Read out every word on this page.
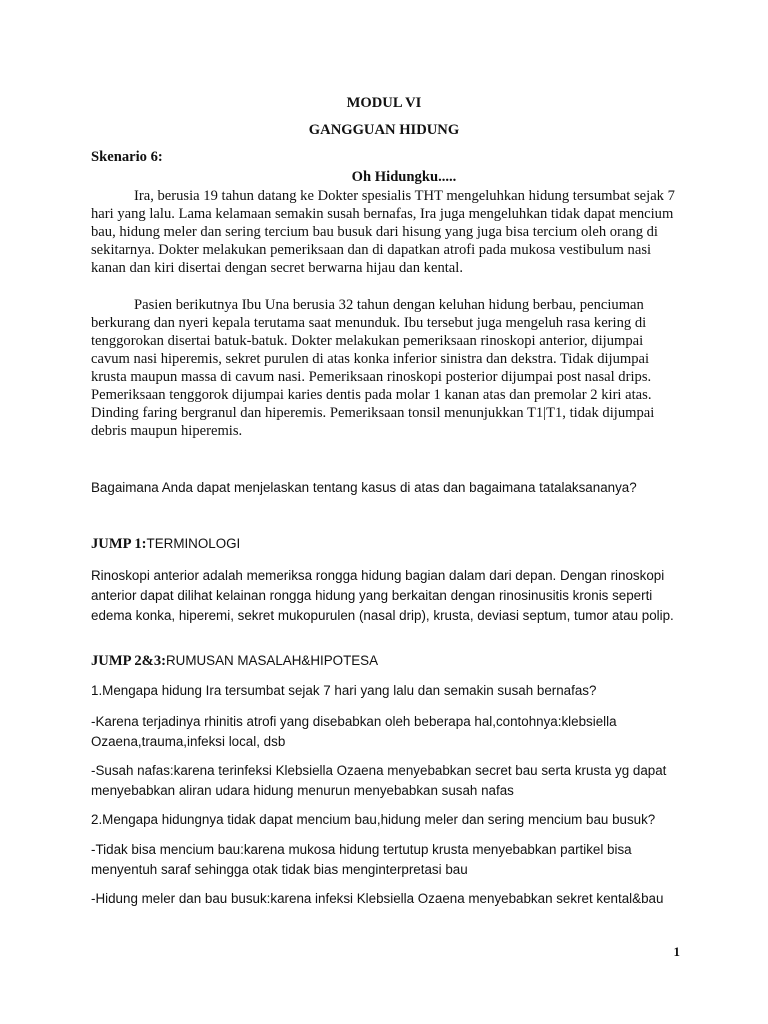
MODUL VI

GANGGUAN HIDUNG

Skenario 6:

Oh Hidungku.....

Ira, berusia 19 tahun datang ke Dokter spesialis THT mengeluhkan hidung tersumbat sejak 7 hari yang lalu. Lama kelamaan semakin susah bernafas, Ira juga mengeluhkan tidak dapat mencium bau, hidung meler dan sering tercium bau busuk dari hisung yang juga bisa tercium oleh orang di sekitarnya. Dokter melakukan pemeriksaan dan di dapatkan atrofi pada mukosa vestibulum nasi kanan dan kiri disertai dengan secret berwarna hijau dan kental.

Pasien berikutnya Ibu Una berusia 32 tahun dengan keluhan hidung berbau, penciuman berkurang dan nyeri kepala terutama saat menunduk. Ibu tersebut juga mengeluh rasa kering di tenggorokan disertai batuk-batuk. Dokter melakukan pemeriksaan rinoskopi anterior, dijumpai cavum nasi hiperemis, sekret purulen di atas konka inferior sinistra dan dekstra. Tidak dijumpai krusta maupun massa di cavum nasi. Pemeriksaan rinoskopi posterior dijumpai post nasal drips. Pemeriksaan tenggorok dijumpai karies dentis pada molar 1 kanan atas dan premolar 2 kiri atas. Dinding faring bergranul dan hiperemis. Pemeriksaan tonsil menunjukkan T1|T1, tidak dijumpai debris maupun hiperemis.

Bagaimana Anda dapat menjelaskan tentang kasus di atas dan bagaimana tatalaksananya?

JUMP 1:TERMINOLOGI

Rinoskopi anterior adalah memeriksa rongga hidung bagian dalam dari depan. Dengan rinoskopi anterior dapat dilihat kelainan rongga hidung yang berkaitan dengan rinosinusitis kronis seperti edema konka, hiperemi, sekret mukopurulen (nasal drip), krusta, deviasi septum, tumor atau polip.

JUMP 2&3:RUMUSAN MASALAH&HIPOTESA

1.Mengapa hidung Ira tersumbat sejak 7 hari yang lalu dan semakin susah bernafas?

-Karena terjadinya rhinitis atrofi yang disebabkan oleh beberapa hal,contohnya:klebsiella Ozaena,trauma,infeksi local, dsb

-Susah nafas:karena terinfeksi Klebsiella Ozaena menyebabkan secret bau serta krusta yg dapat menyebabkan aliran udara hidung menurun menyebabkan susah nafas

2.Mengapa hidungnya tidak dapat mencium bau,hidung meler dan sering mencium bau busuk?

-Tidak bisa mencium bau:karena mukosa hidung tertutup krusta menyebabkan partikel bisa menyentuh saraf sehingga otak tidak bias menginterpretasi bau

-Hidung meler dan bau busuk:karena infeksi Klebsiella Ozaena menyebabkan sekret kental&bau

1
